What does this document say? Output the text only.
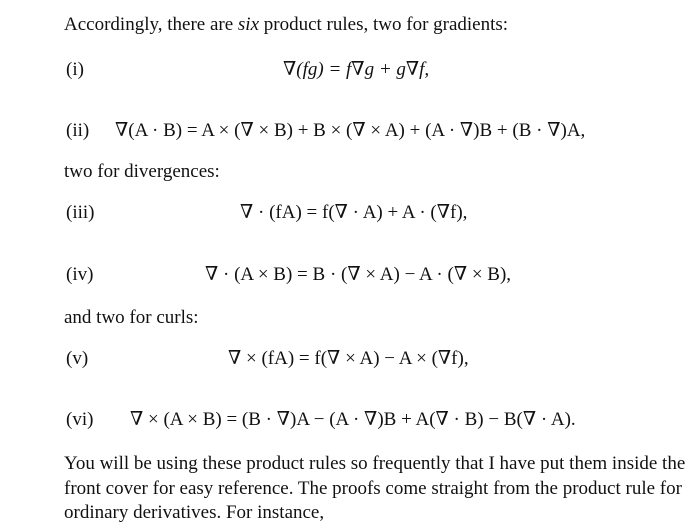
Accordingly, there are six product rules, two for gradients:
(i)	∇(fg) = f∇g + g∇f,
(ii) ∇(A · B) = A × (∇ × B) + B × (∇ × A) + (A · ∇)B + (B · ∇)A,
two for divergences:
(iii)	∇ · (fA) = f(∇ · A) + A · (∇f),
(iv)	∇ · (A × B) = B · (∇ × A) − A · (∇ × B),
and two for curls:
(v)	∇ × (fA) = f(∇ × A) − A × (∇f),
(vi) ∇ × (A × B) = (B · ∇)A − (A · ∇)B + A(∇ · B) − B(∇ · A).
You will be using these product rules so frequently that I have put them inside the
front cover for easy reference. The proofs come straight from the product rule for
ordinary derivatives. For instance,
